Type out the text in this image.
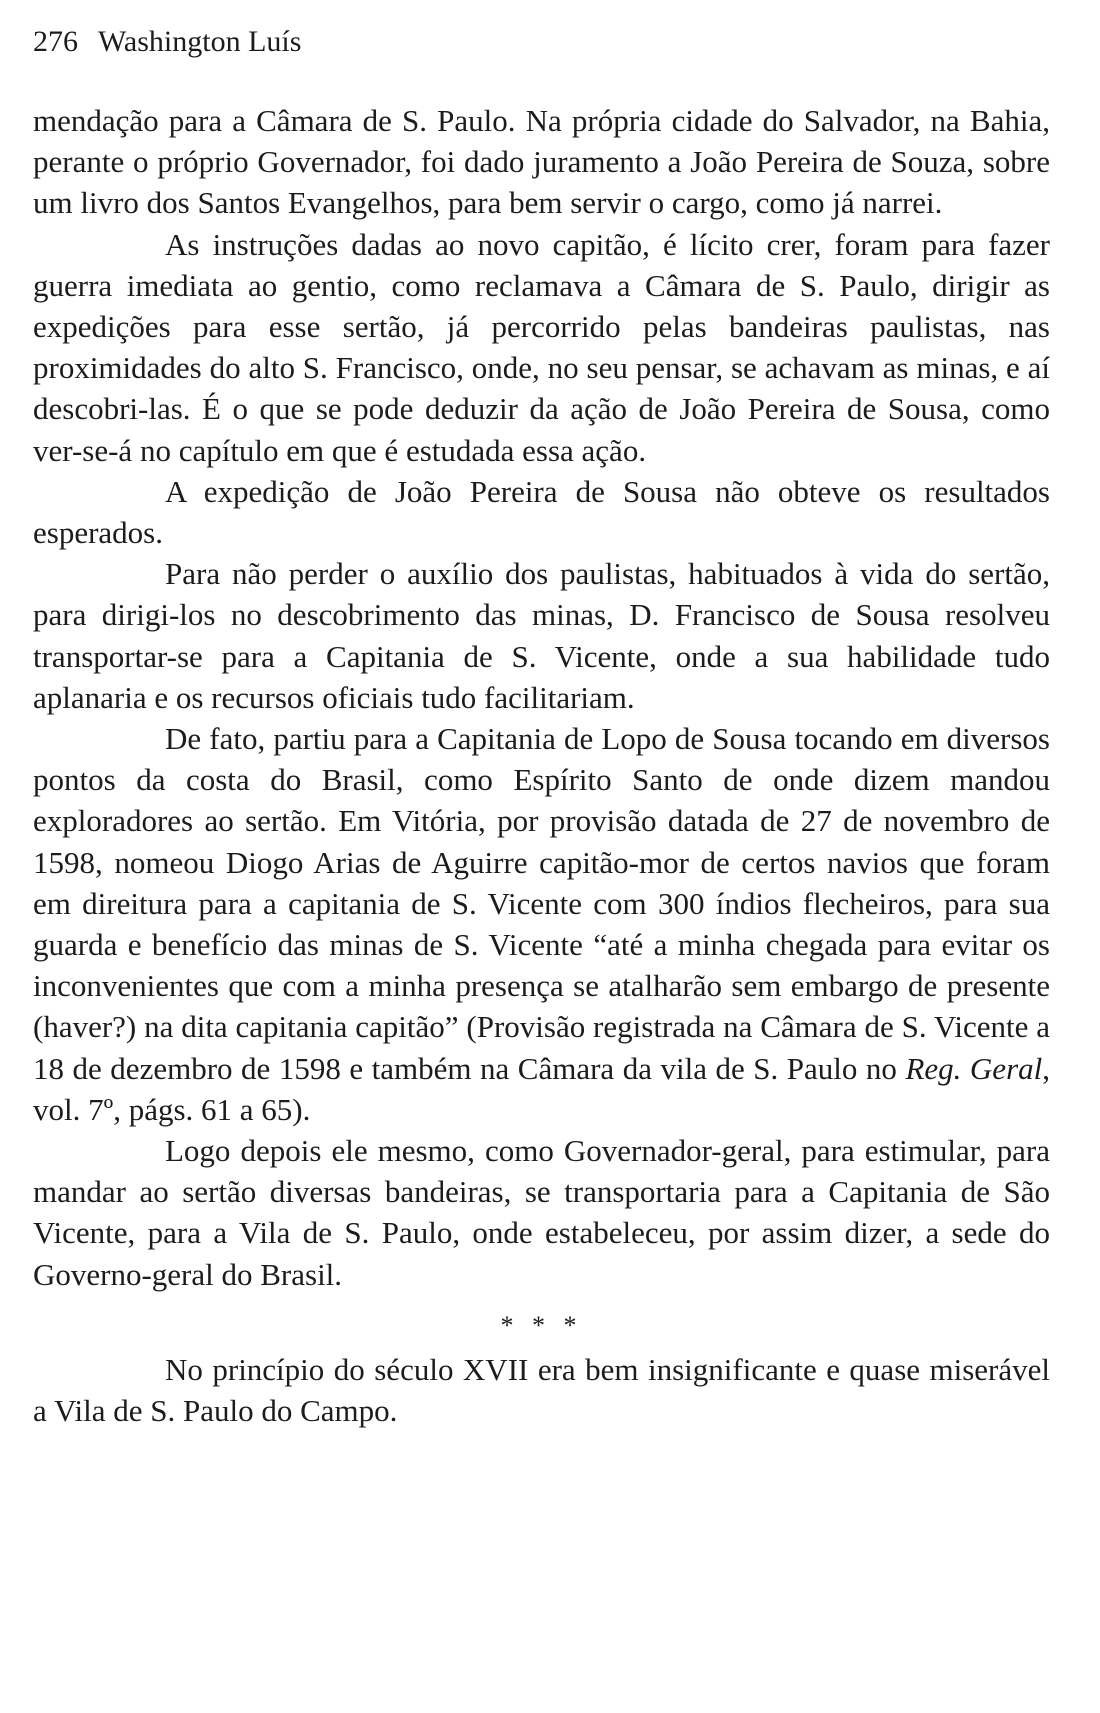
276 Washington Luís

mendação para a Câmara de S. Paulo. Na própria cidade do Salvador, na Bahia, perante o próprio Governador, foi dado juramento a João Pereira de Souza, sobre um livro dos Santos Evangelhos, para bem servir o cargo, como já narrei.

As instruções dadas ao novo capitão, é lícito crer, foram para fazer guerra imediata ao gentio, como reclamava a Câmara de S. Paulo, dirigir as expedições para esse sertão, já percorrido pelas bandeiras paulistas, nas proximidades do alto S. Francisco, onde, no seu pensar, se achavam as minas, e aí descobri-las. É o que se pode deduzir da ação de João Pereira de Sousa, como ver-se-á no capítulo em que é estudada essa ação.

A expedição de João Pereira de Sousa não obteve os resultados esperados.

Para não perder o auxílio dos paulistas, habituados à vida do sertão, para dirigi-los no descobrimento das minas, D. Francisco de Sousa resolveu transportar-se para a Capitania de S. Vicente, onde a sua habilidade tudo aplanaria e os recursos oficiais tudo facilitariam.

De fato, partiu para a Capitania de Lopo de Sousa tocando em diversos pontos da costa do Brasil, como Espírito Santo de onde dizem mandou exploradores ao sertão. Em Vitória, por provisão datada de 27 de novembro de 1598, nomeou Diogo Arias de Aguirre capitão-mor de certos navios que foram em direitura para a capitania de S. Vicente com 300 índios flecheiros, para sua guarda e benefício das minas de S. Vicente “até a minha chegada para evitar os inconvenientes que com a minha presença se atalharão sem embargo de presente (haver?) na dita capitania capitão” (Provisão registrada na Câmara de S. Vicente a 18 de dezembro de 1598 e também na Câmara da vila de S. Paulo no Reg. Geral, vol. 7º, págs. 61 a 65).

Logo depois ele mesmo, como Governador-geral, para estimular, para mandar ao sertão diversas bandeiras, se transportaria para a Capitania de São Vicente, para a Vila de S. Paulo, onde estabeleceu, por assim dizer, a sede do Governo-geral do Brasil.

* * *

No princípio do século XVII era bem insignificante e quase miserável a Vila de S. Paulo do Campo.
